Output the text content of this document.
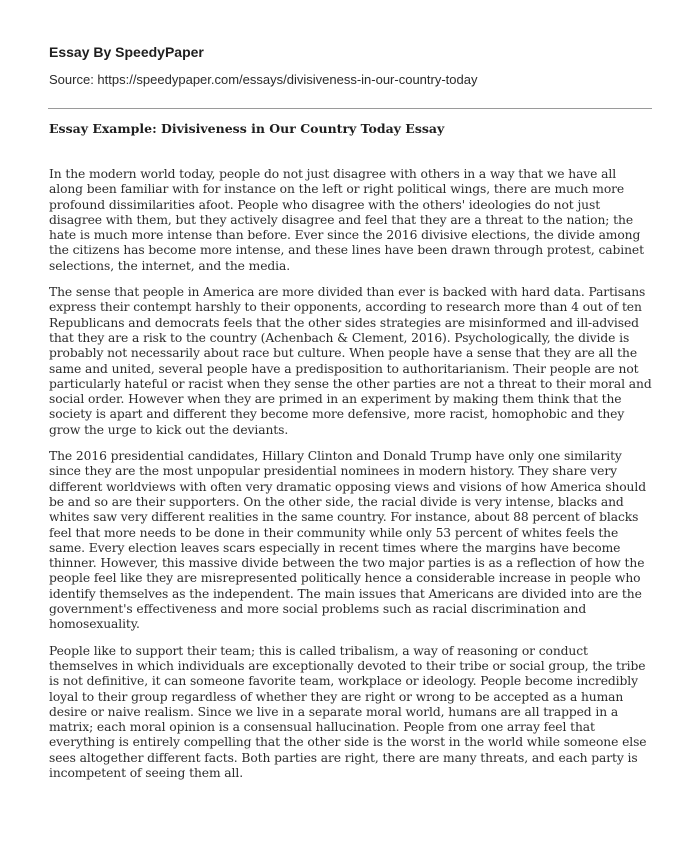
Essay By SpeedyPaper

Source: https://speedypaper.com/essays/divisiveness-in-our-country-today

Essay Example: Divisiveness in Our Country Today Essay

In the modern world today, people do not just disagree with others in a way that we have all along been familiar with for instance on the left or right political wings, there are much more profound dissimilarities afoot. People who disagree with the others' ideologies do not just disagree with them, but they actively disagree and feel that they are a threat to the nation; the hate is much more intense than before. Ever since the 2016 divisive elections, the divide among the citizens has become more intense, and these lines have been drawn through protest, cabinet selections, the internet, and the media.

The sense that people in America are more divided than ever is backed with hard data. Partisans express their contempt harshly to their opponents, according to research more than 4 out of ten Republicans and democrats feels that the other sides strategies are misinformed and ill-advised that they are a risk to the country (Achenbach & Clement, 2016). Psychologically, the divide is probably not necessarily about race but culture. When people have a sense that they are all the same and united, several people have a predisposition to authoritarianism. Their people are not particularly hateful or racist when they sense the other parties are not a threat to their moral and social order. However when they are primed in an experiment by making them think that the society is apart and different they become more defensive, more racist, homophobic and they grow the urge to kick out the deviants.

The 2016 presidential candidates, Hillary Clinton and Donald Trump have only one similarity since they are the most unpopular presidential nominees in modern history. They share very different worldviews with often very dramatic opposing views and visions of how America should be and so are their supporters. On the other side, the racial divide is very intense, blacks and whites saw very different realities in the same country. For instance, about 88 percent of blacks feel that more needs to be done in their community while only 53 percent of whites feels the same. Every election leaves scars especially in recent times where the margins have become thinner. However, this massive divide between the two major parties is as a reflection of how the people feel like they are misrepresented politically hence a considerable increase in people who identify themselves as the independent. The main issues that Americans are divided into are the government's effectiveness and more social problems such as racial discrimination and homosexuality.

People like to support their team; this is called tribalism, a way of reasoning or conduct themselves in which individuals are exceptionally devoted to their tribe or social group, the tribe is not definitive, it can someone favorite team, workplace or ideology. People become incredibly loyal to their group regardless of whether they are right or wrong to be accepted as a human desire or naive realism. Since we live in a separate moral world, humans are all trapped in a matrix; each moral opinion is a consensual hallucination. People from one array feel that everything is entirely compelling that the other side is the worst in the world while someone else sees altogether different facts. Both parties are right, there are many threats, and each party is incompetent of seeing them all.
